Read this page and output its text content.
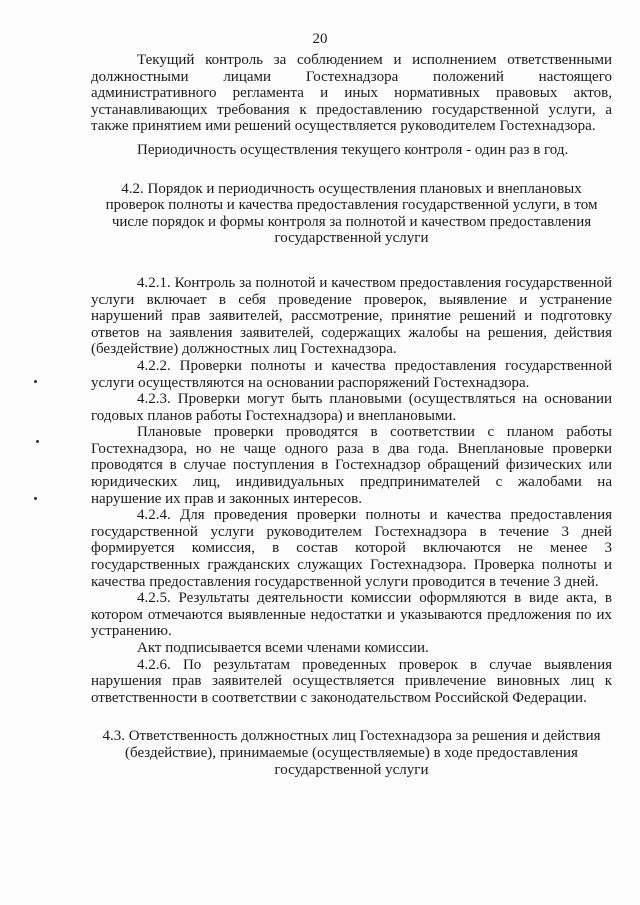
20

Текущий контроль за соблюдением и исполнением ответственными должностными лицами Гостехнадзора положений настоящего административного регламента и иных нормативных правовых актов, устанавливающих требования к предоставлению государственной услуги, а также принятием ими решений осуществляется руководителем Гостехнадзора.

Периодичность осуществления текущего контроля - один раз в год.

4.2. Порядок и периодичность осуществления плановых и внеплановых проверок полноты и качества предоставления государственной услуги, в том числе порядок и формы контроля за полнотой и качеством предоставления государственной услуги

4.2.1. Контроль за полнотой и качеством предоставления государственной услуги включает в себя проведение проверок, выявление и устранение нарушений прав заявителей, рассмотрение, принятие решений и подготовку ответов на заявления заявителей, содержащих жалобы на решения, действия (бездействие) должностных лиц Гостехнадзора.

4.2.2. Проверки полноты и качества предоставления государственной услуги осуществляются на основании распоряжений Гостехнадзора.

4.2.3. Проверки могут быть плановыми (осуществляться на основании годовых планов работы Гостехнадзора) и внеплановыми.

Плановые проверки проводятся в соответствии с планом работы Гостехнадзора, но не чаще одного раза в два года. Внеплановые проверки проводятся в случае поступления в Гостехнадзор обращений физических или юридических лиц, индивидуальных предпринимателей с жалобами на нарушение их прав и законных интересов.

4.2.4. Для проведения проверки полноты и качества предоставления государственной услуги руководителем Гостехнадзора в течение 3 дней формируется комиссия, в состав которой включаются не менее 3 государственных гражданских служащих Гостехнадзора. Проверка полноты и качества предоставления государственной услуги проводится в течение 3 дней.

4.2.5. Результаты деятельности комиссии оформляются в виде акта, в котором отмечаются выявленные недостатки и указываются предложения по их устранению.

Акт подписывается всеми членами комиссии.

4.2.6. По результатам проведенных проверок в случае выявления нарушения прав заявителей осуществляется привлечение виновных лиц к ответственности в соответствии с законодательством Российской Федерации.

4.3. Ответственность должностных лиц Гостехнадзора за решения и действия (бездействие), принимаемые (осуществляемые) в ходе предоставления государственной услуги
